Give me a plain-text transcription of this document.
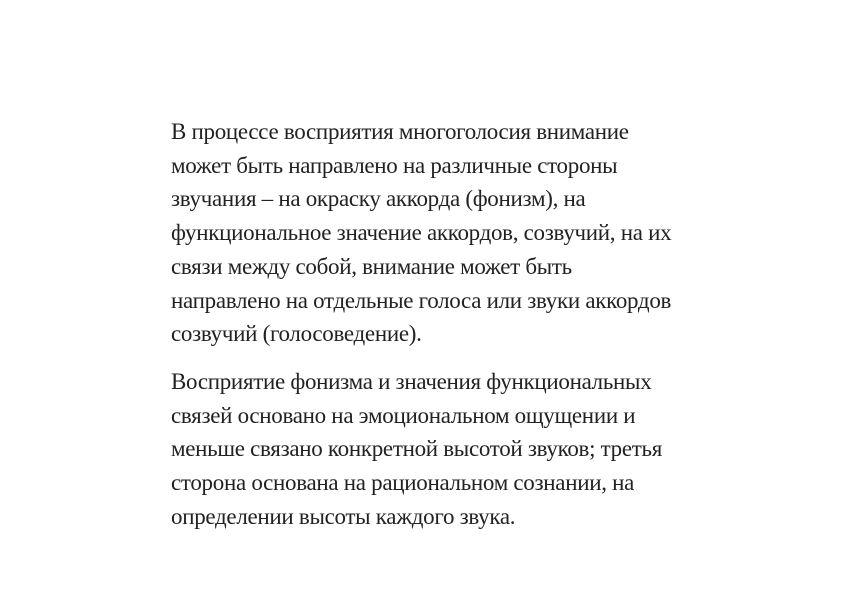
В процессе восприятия многоголосия внимание
может быть направлено на различные стороны
звучания – на окраску аккорда (фонизм), на
функциональное значение аккордов, созвучий, на их
связи между собой, внимание может быть
направлено на отдельные голоса или звуки аккордов
созвучий (голосоведение).

Восприятие фонизма и значения функциональных
связей основано на эмоциональном ощущении и
меньше связано конкретной высотой звуков; третья
сторона основана на рациональном сознании, на
определении высоты каждого звука.
